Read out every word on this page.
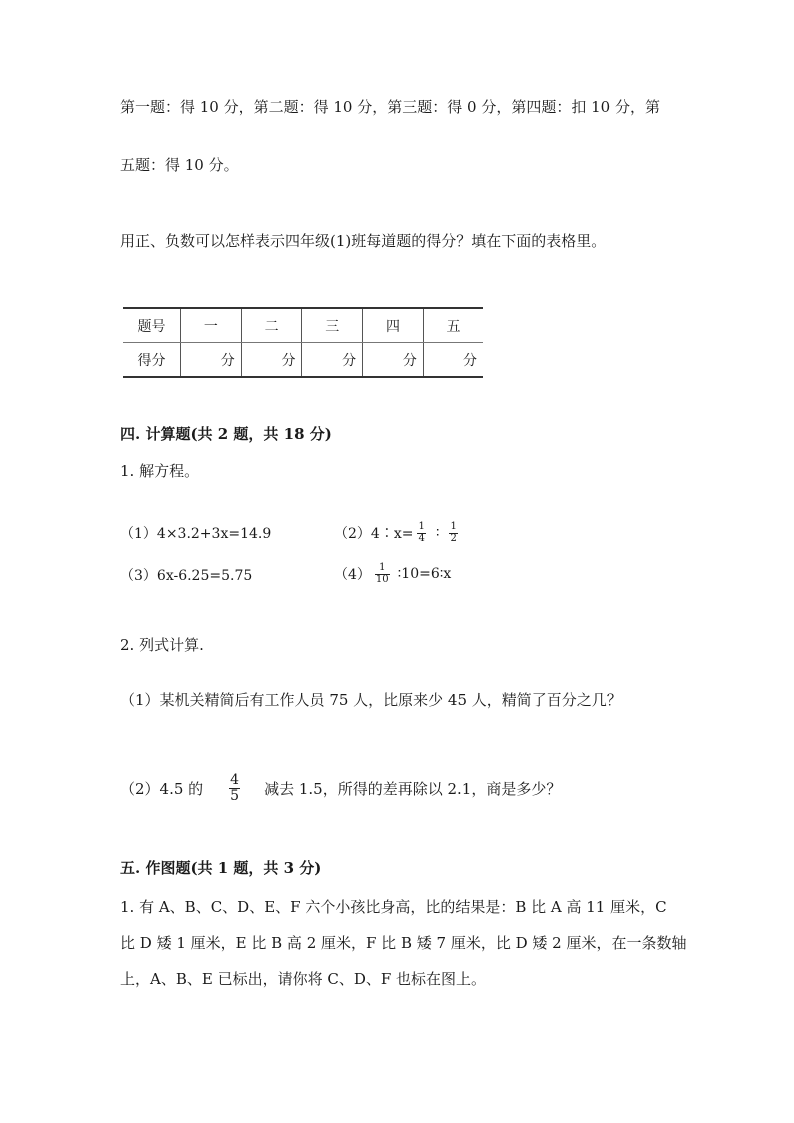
第一题：得 10 分，第二题：得 10 分，第三题：得 0 分，第四题：扣 10 分，第
五题：得 10 分。
用正、负数可以怎样表示四年级(1)班每道题的得分？填在下面的表格里。
题号	一	二	三	四	五
得分	分	分	分	分	分
四. 计算题(共 2 题，共 18 分)
1. 解方程。
（1）4×3.2+3x=14.9	（2）4∶x= $\frac{1}{4}$ ∶ $\frac{1}{2}$
（3）6x-6.25=5.75	$(4) \frac{1}{10}$ ∶10=6∶x
2. 列式计算.
（1）某机关精简后有工作人员 75 人，比原来少 45 人，精简了百分之几？
（2）4.5 的 $\frac{4}{5}$ 减去 1.5，所得的差再除以 2.1，商是多少？
五. 作图题(共 1 题，共 3 分)
1. 有 A、B、C、D、E、F 六个小孩比身高，比的结果是：B 比 A 高 11 厘米，C
比 D 矮 1 厘米，E 比 B 高 2 厘米，F 比 B 矮 7 厘米，比 D 矮 2 厘米，在一条数轴
上，A、B、E 已标出，请你将 C、D、F 也标在图上。
